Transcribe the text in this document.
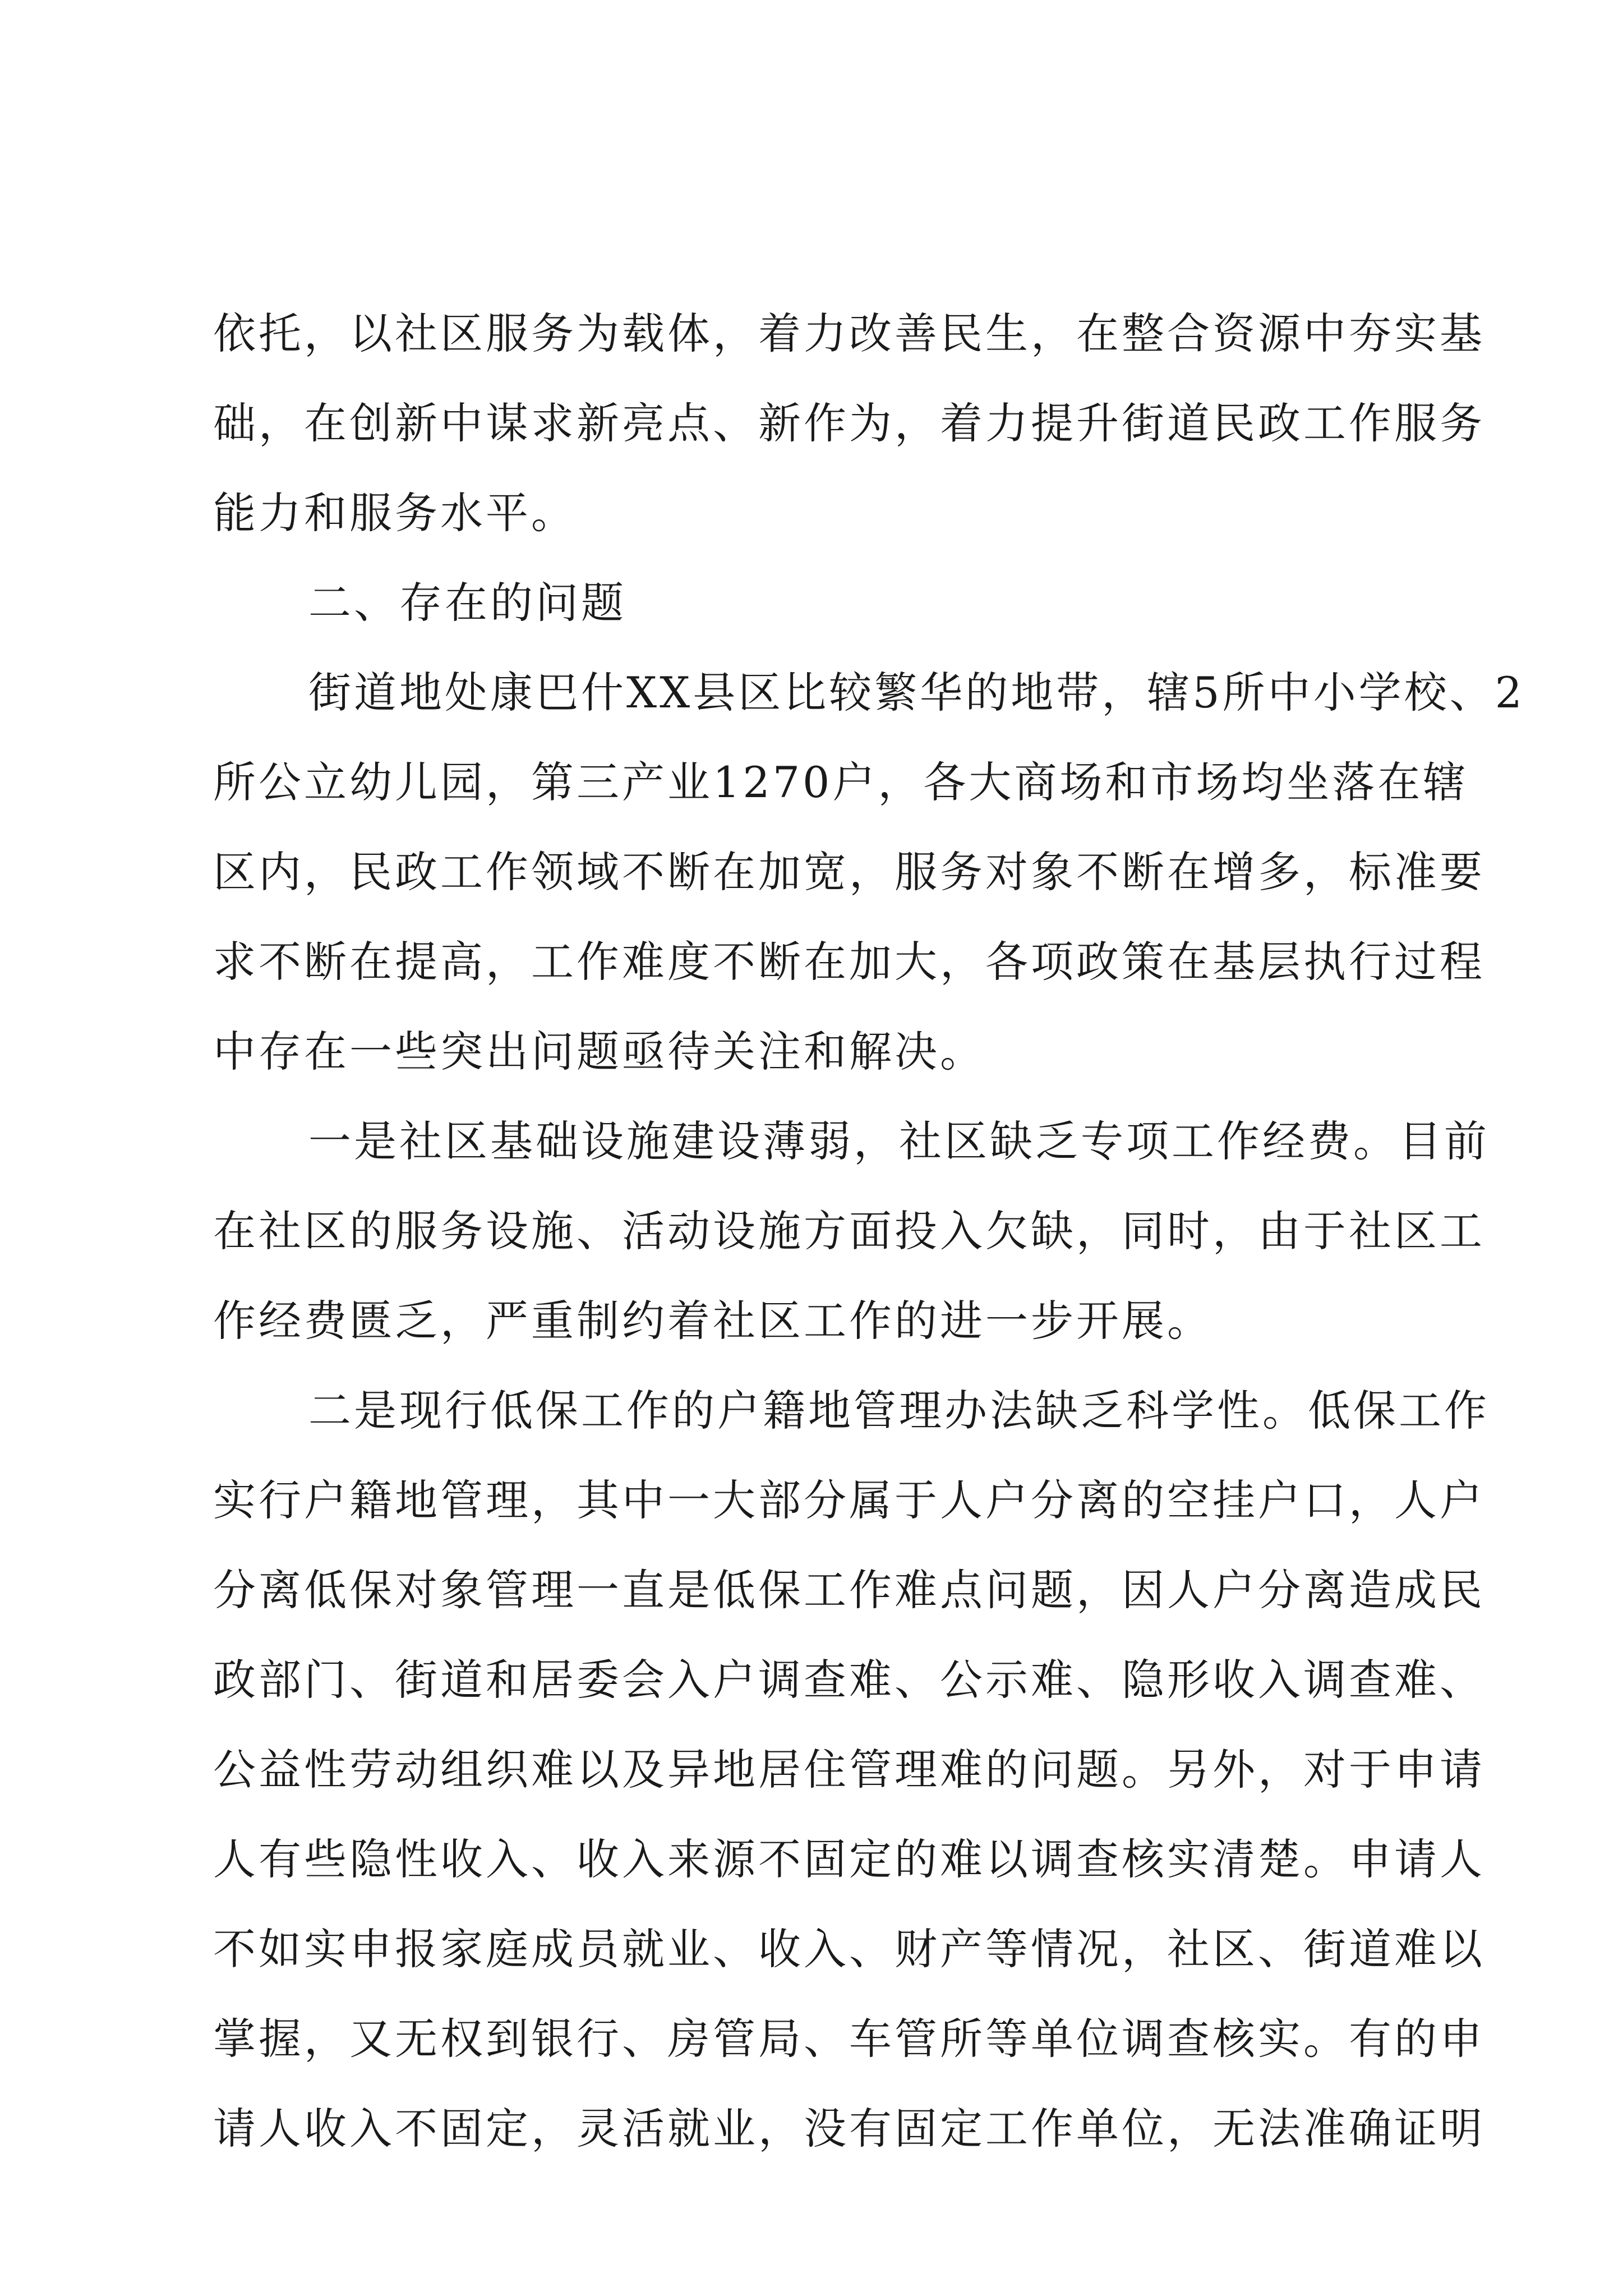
依托，以社区服务为载体，着力改善民生，在整合资源中夯实基
础，在创新中谋求新亮点、新作为，着力提升街道民政工作服务
能力和服务水平。
二、存在的问题
街道地处康巴什XX县区比较繁华的地带，辖5所中小学校、2
所公立幼儿园，第三产业1270户，各大商场和市场均坐落在辖
区内，民政工作领域不断在加宽，服务对象不断在增多，标准要
求不断在提高，工作难度不断在加大，各项政策在基层执行过程
中存在一些突出问题亟待关注和解决。
一是社区基础设施建设薄弱，社区缺乏专项工作经费。目前
在社区的服务设施、活动设施方面投入欠缺，同时，由于社区工
作经费匮乏，严重制约着社区工作的进一步开展。
二是现行低保工作的户籍地管理办法缺乏科学性。低保工作
实行户籍地管理，其中一大部分属于人户分离的空挂户口，人户
分离低保对象管理一直是低保工作难点问题，因人户分离造成民
政部门、街道和居委会入户调查难、公示难、隐形收入调查难、
公益性劳动组织难以及异地居住管理难的问题。另外，对于申请
人有些隐性收入、收入来源不固定的难以调查核实清楚。申请人
不如实申报家庭成员就业、收入、财产等情况，社区、街道难以
掌握，又无权到银行、房管局、车管所等单位调查核实。有的申
请人收入不固定，灵活就业，没有固定工作单位，无法准确证明
